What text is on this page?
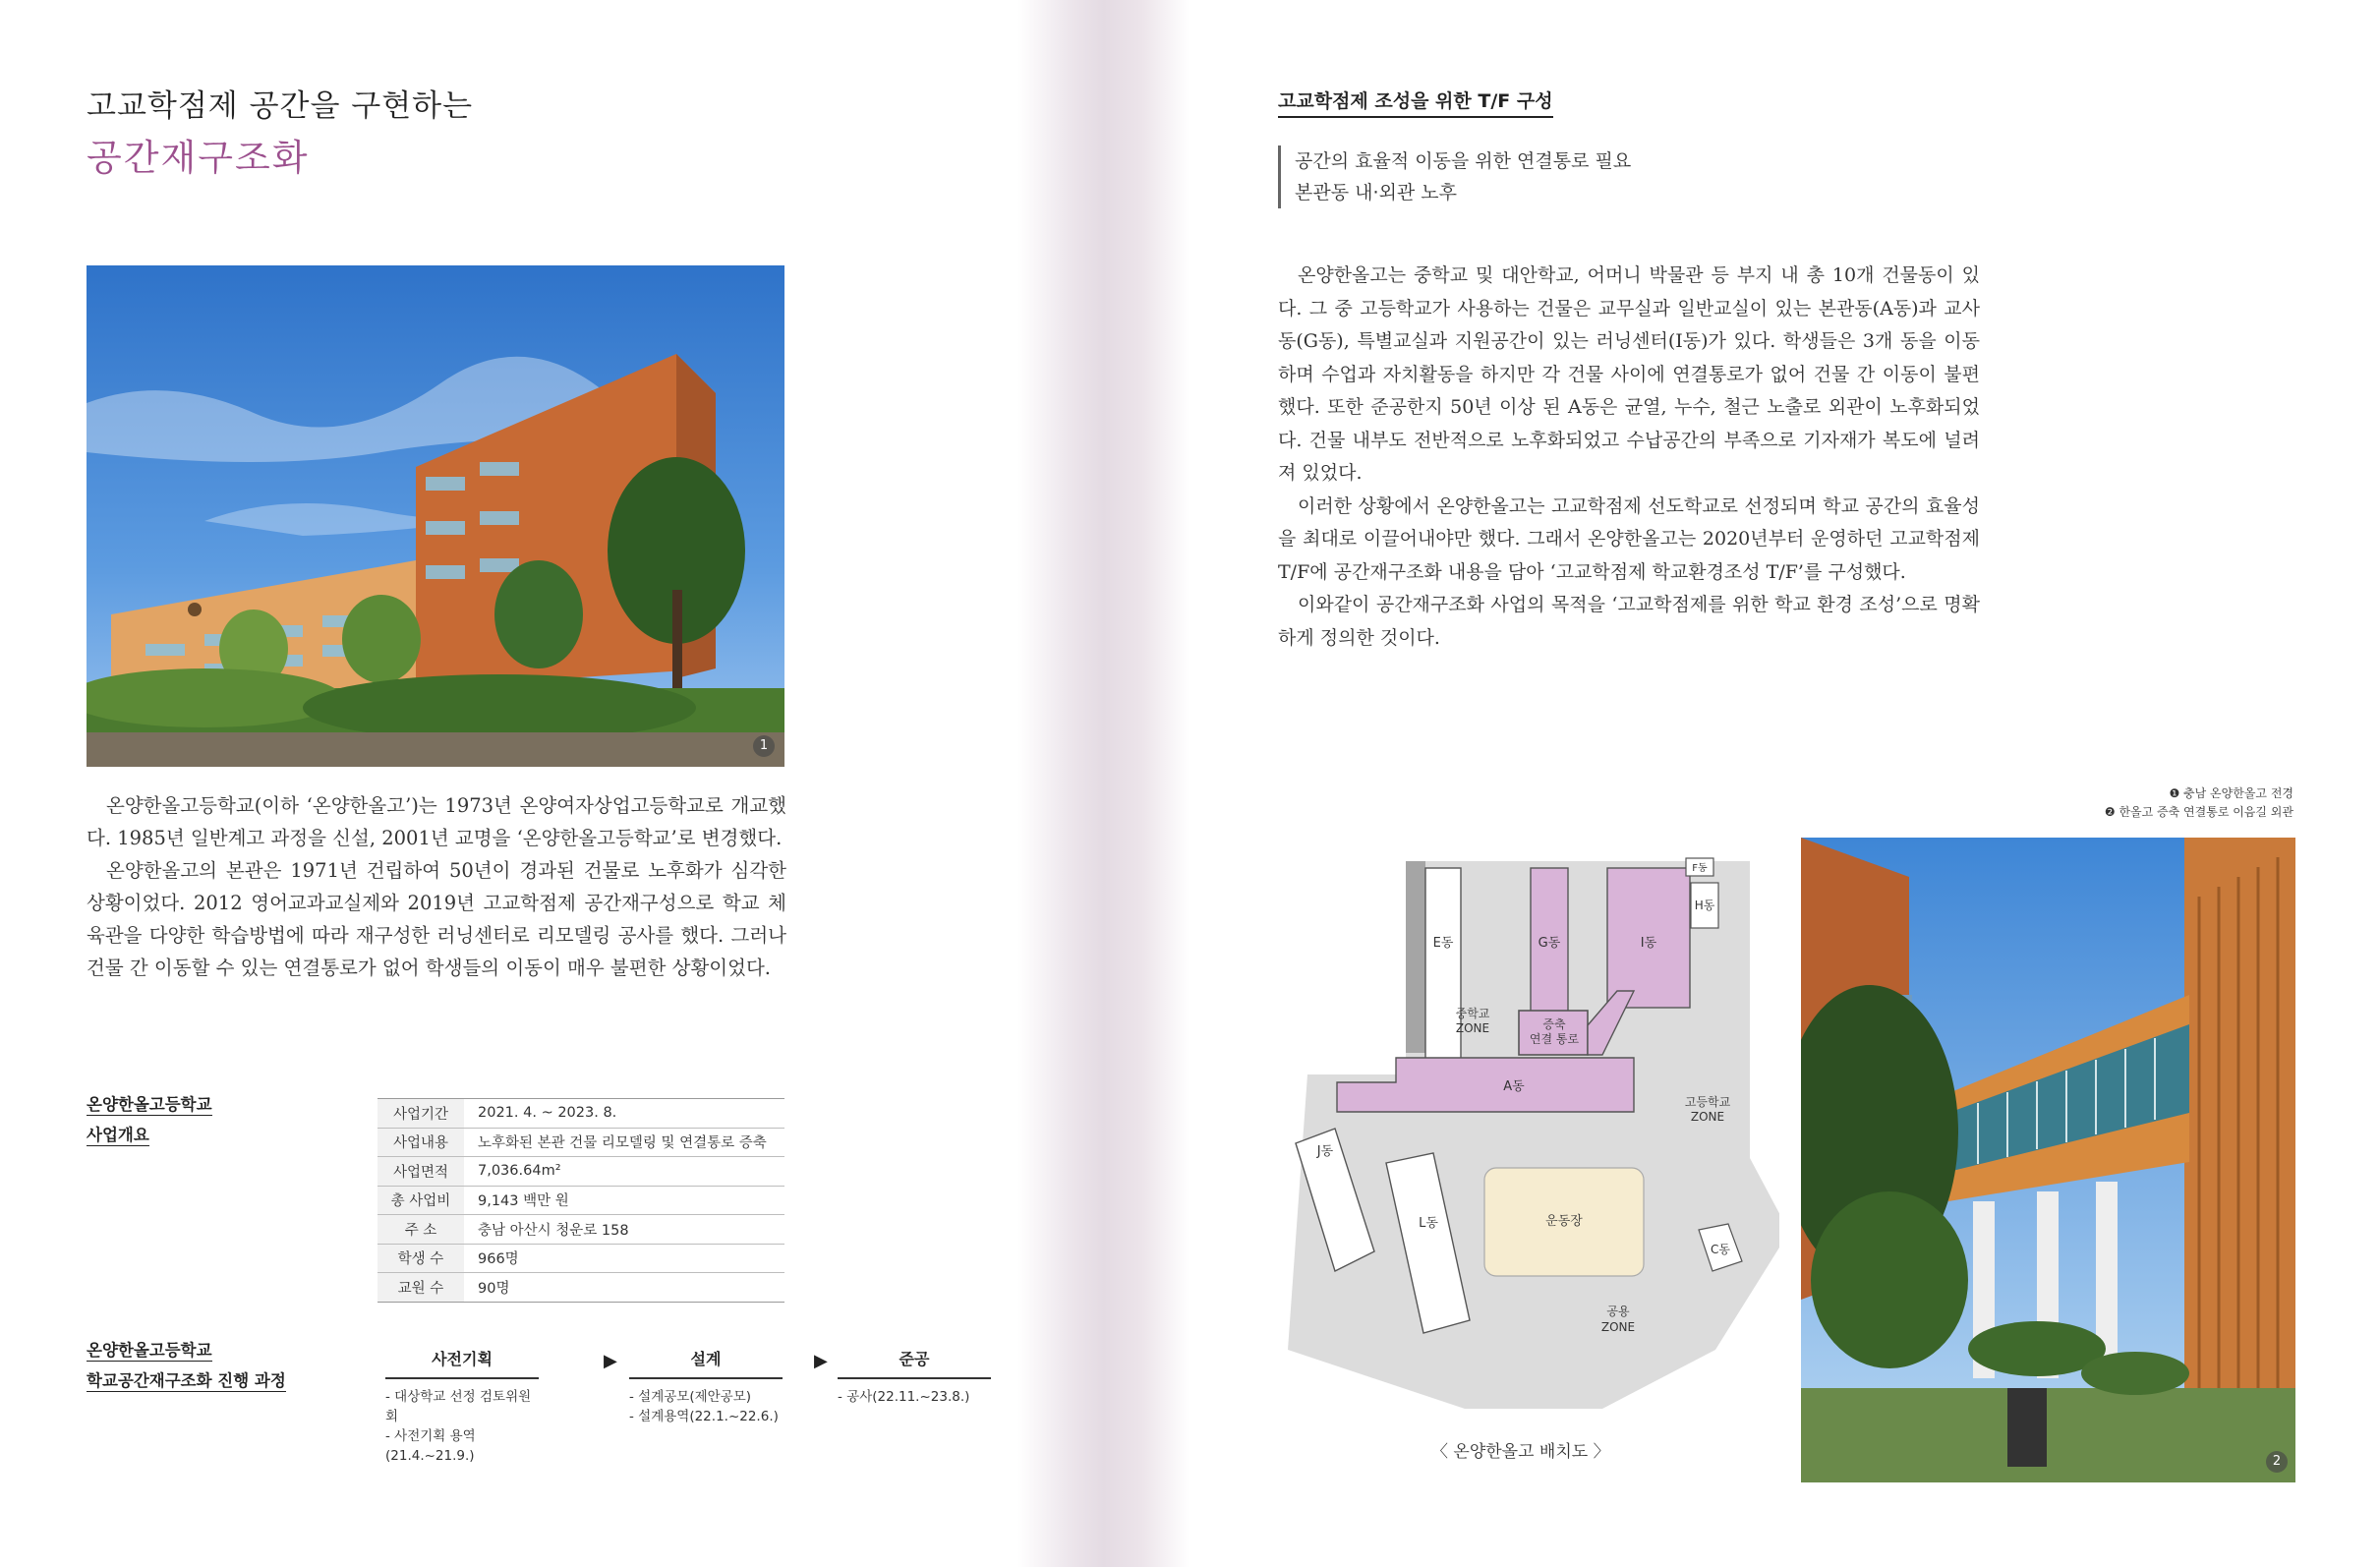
고교학점제 공간을 구현하는
공간재구조화
1

온양한올고등학교(이하 ‘온양한올고’)는 1973년 온양여자상업고등학교로 개교했다. 1985년 일반계고 과정을 신설, 2001년 교명을 ‘온양한올고등학교’로 변경했다.

온양한올고의 본관은 1971년 건립하여 50년이 경과된 건물로 노후화가 심각한 상황이었다. 2012 영어교과교실제와 2019년 고교학점제 공간재구성으로 학교 체육관을 다양한 학습방법에 따라 재구성한 러닝센터로 리모델링 공사를 했다. 그러나 건물 간 이동할 수 있는 연결통로가 없어 학생들의 이동이 매우 불편한 상황이었다.

온양한올고등학교
사업개요
사업기간	2021. 4. ~ 2023. 8.
사업내용	노후화된 본관 건물 리모델링 및 연결통로 증축
사업면적	7,036.64m²
총 사업비	9,143 백만 원
주 소	충남 아산시 청운로 158
학생 수	966명
교원 수	90명
온양한올고등학교
학교공간재구조화 진행 과정
사전기획
- 대상학교 선정 검토위원회
- 사전기획 용역(21.4.~21.9.)
▶	설계
- 설계공모(제안공모)
- 설계용역(22.1.~22.6.)
▶	준공
- 공사(22.11.~23.8.)
고교학점제 조성을 위한 T/F 구성
공간의 효율적 이동을 위한 연결통로 필요
본관동 내·외관 노후

온양한올고는 중학교 및 대안학교, 어머니 박물관 등 부지 내 총 10개 건물동이 있다. 그 중 고등학교가 사용하는 건물은 교무실과 일반교실이 있는 본관동(A동)과 교사동(G동), 특별교실과 지원공간이 있는 러닝센터(I동)가 있다. 학생들은 3개 동을 이동하며 수업과 자치활동을 하지만 각 건물 사이에 연결통로가 없어 건물 간 이동이 불편했다. 또한 준공한지 50년 이상 된 A동은 균열, 누수, 철근 노출로 외관이 노후화되었다. 건물 내부도 전반적으로 노후화되었고 수납공간의 부족으로 기자재가 복도에 널려져 있었다.

이러한 상황에서 온양한올고는 고교학점제 선도학교로 선정되며 학교 공간의 효율성을 최대로 이끌어내야만 했다. 그래서 온양한올고는 2020년부터 운영하던 고교학점제 T/F에 공간재구조화 내용을 담아 ‘고교학점제 학교환경조성 T/F’를 구성했다.

이와같이 공간재구조화 사업의 목적을 ‘고교학점제를 위한 학교 환경 조성’으로 명확하게 정의한 것이다.

❶ 충남 온양한올고 전경
❷ 한올고 증축 연결통로 이음길 외관
F동
H동
E동	G동	I동
중학교
ZONE	증축
연결 통로
A동
고등학교
ZONE
J동
L동	운동장
C동
공용
ZONE
〈 온양한올고 배치도 〉	2
